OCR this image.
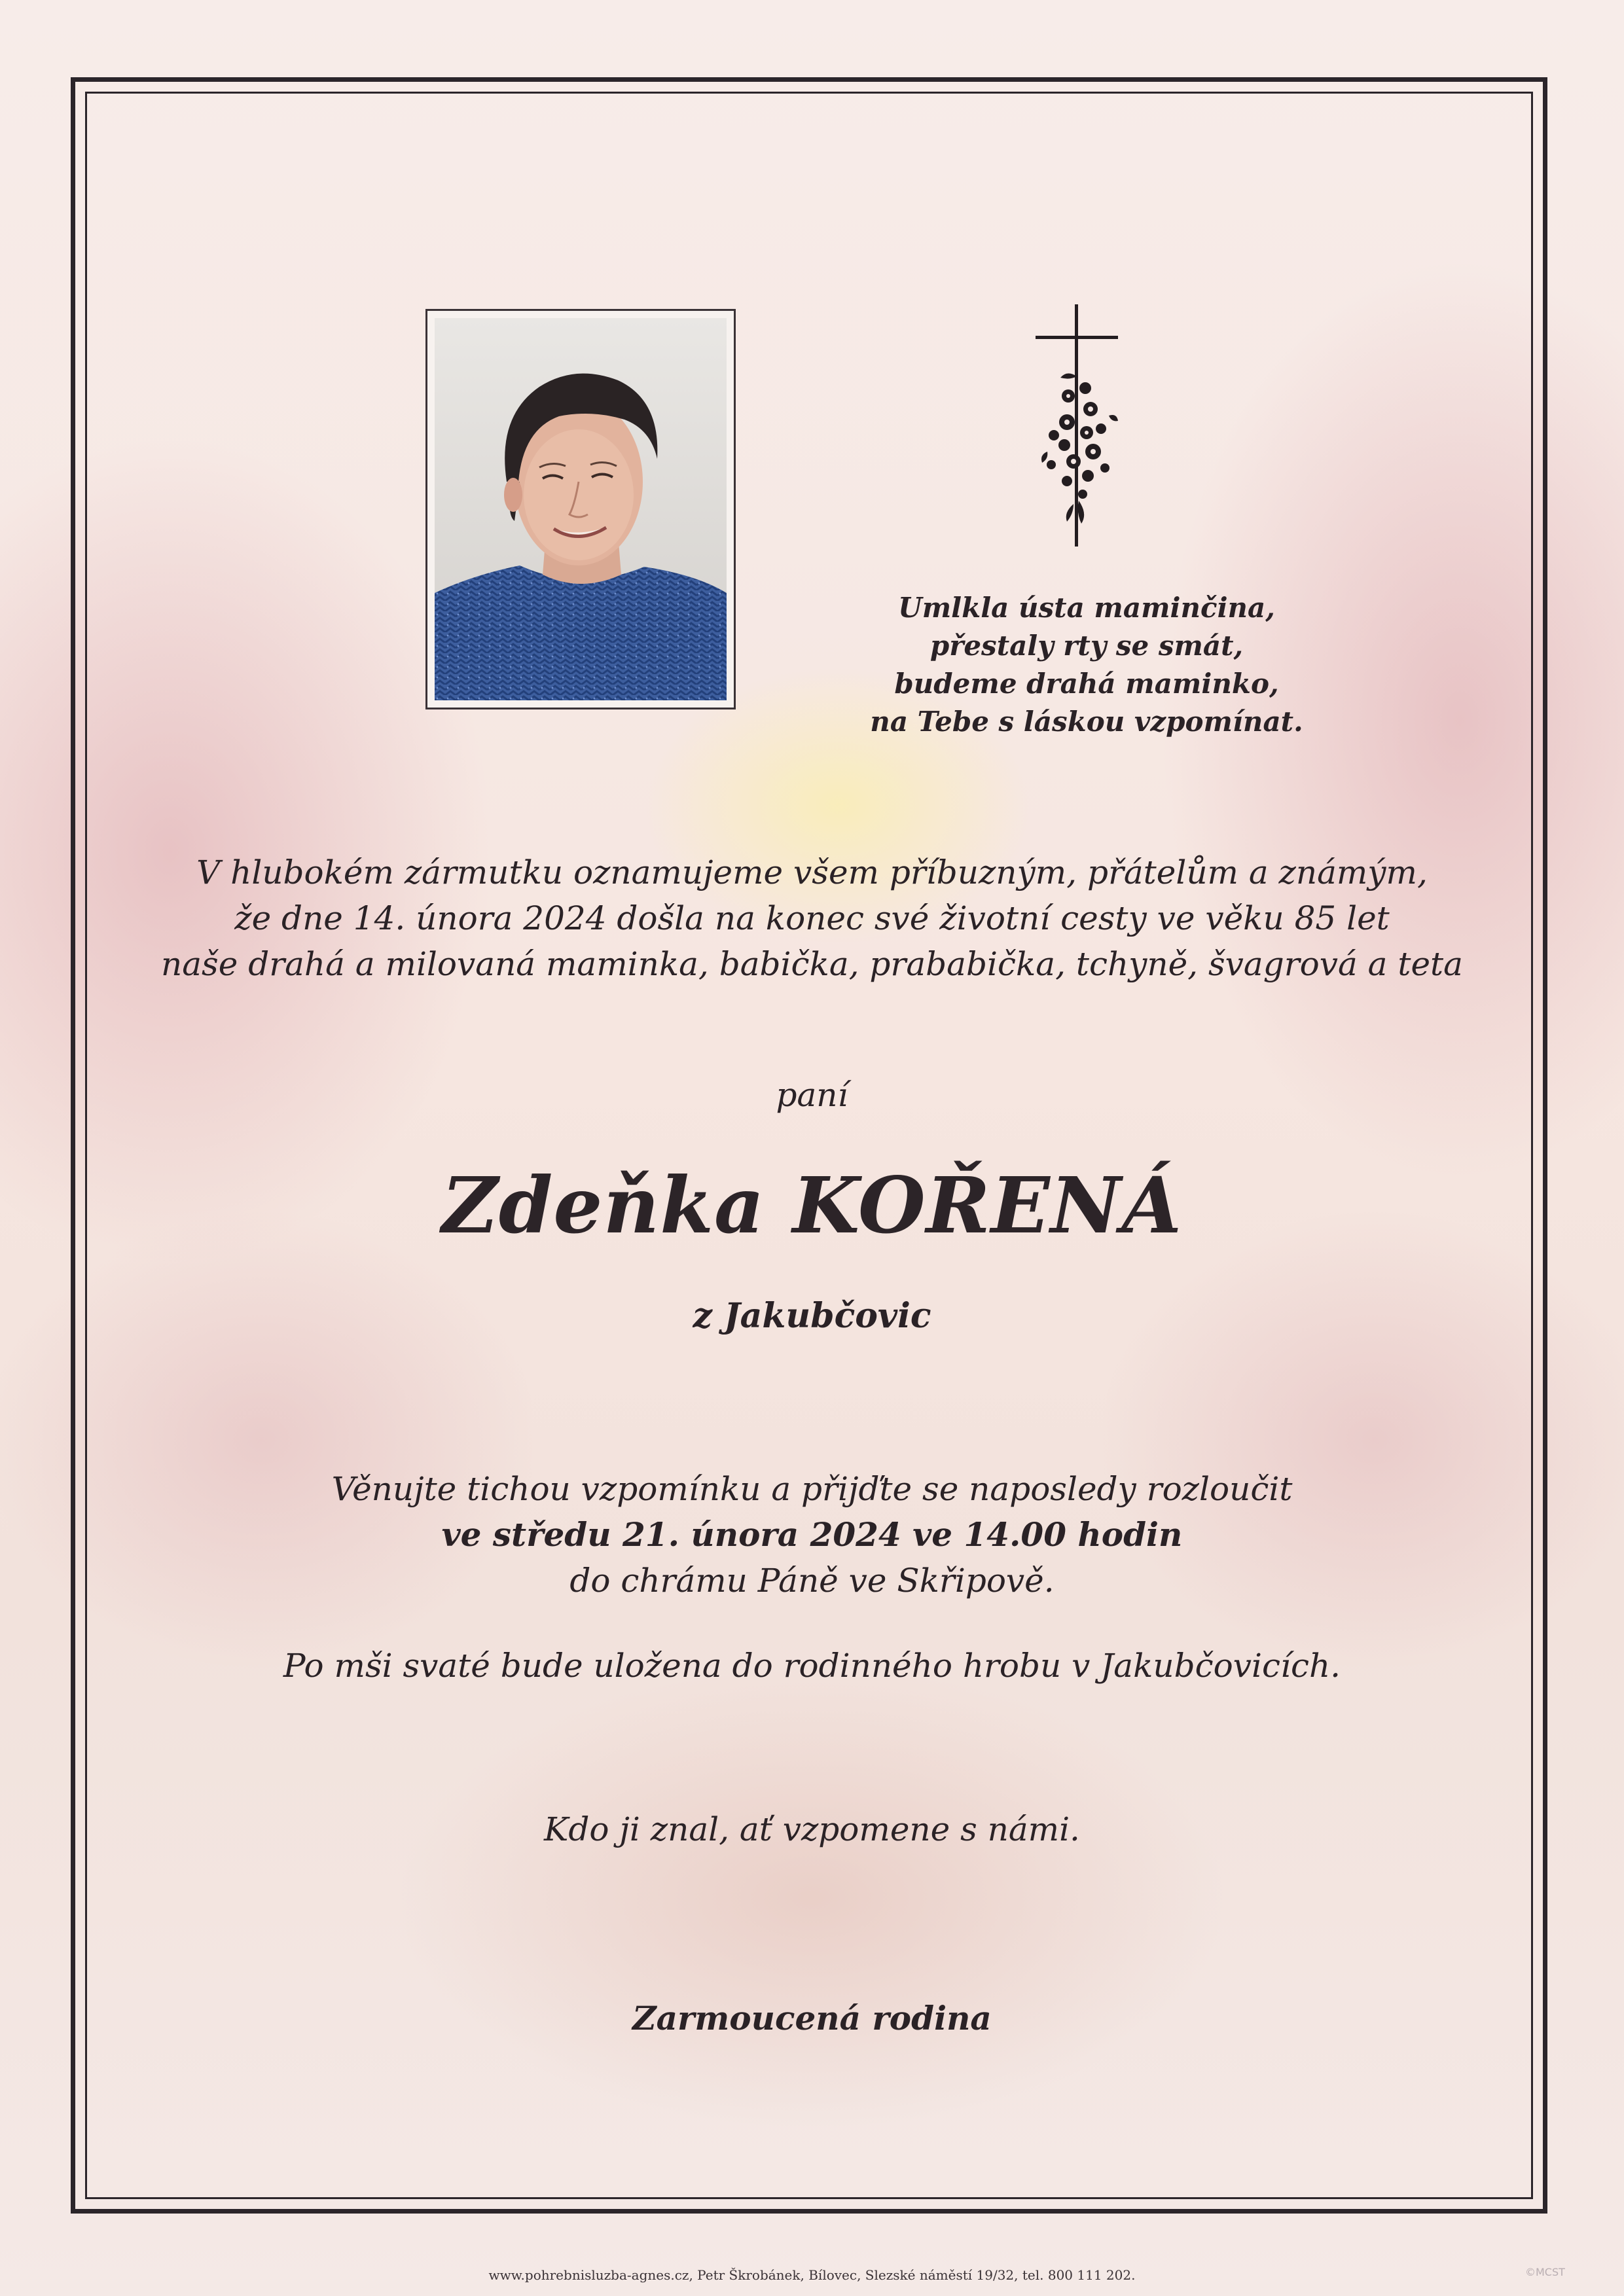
Umlkla ústa maminčina,
přestaly rty se smát,
budeme drahá maminko,
na Tebe s láskou vzpomínat.
V hlubokém zármutku oznamujeme všem příbuzným, přátelům a známým,
že dne 14. února 2024 došla na konec své životní cesty ve věku 85 let
naše drahá a milovaná maminka, babička, prababička, tchyně, švagrová a teta
paní
Zdeňka KOŘENÁ
z Jakubčovic
Věnujte tichou vzpomínku a přijďte se naposledy rozloučit
ve středu 21. února 2024 ve 14.00 hodin
do chrámu Páně ve Skřipově.
Po mši svaté bude uložena do rodinného hrobu v Jakubčovicích.
Kdo ji znal, ať vzpomene s námi.
Zarmoucená rodina
www.pohrebnisluzba-agnes.cz, Petr Škrobánek, Bílovec, Slezské náměstí 19/32, tel. 800 111 202.	©MCST
